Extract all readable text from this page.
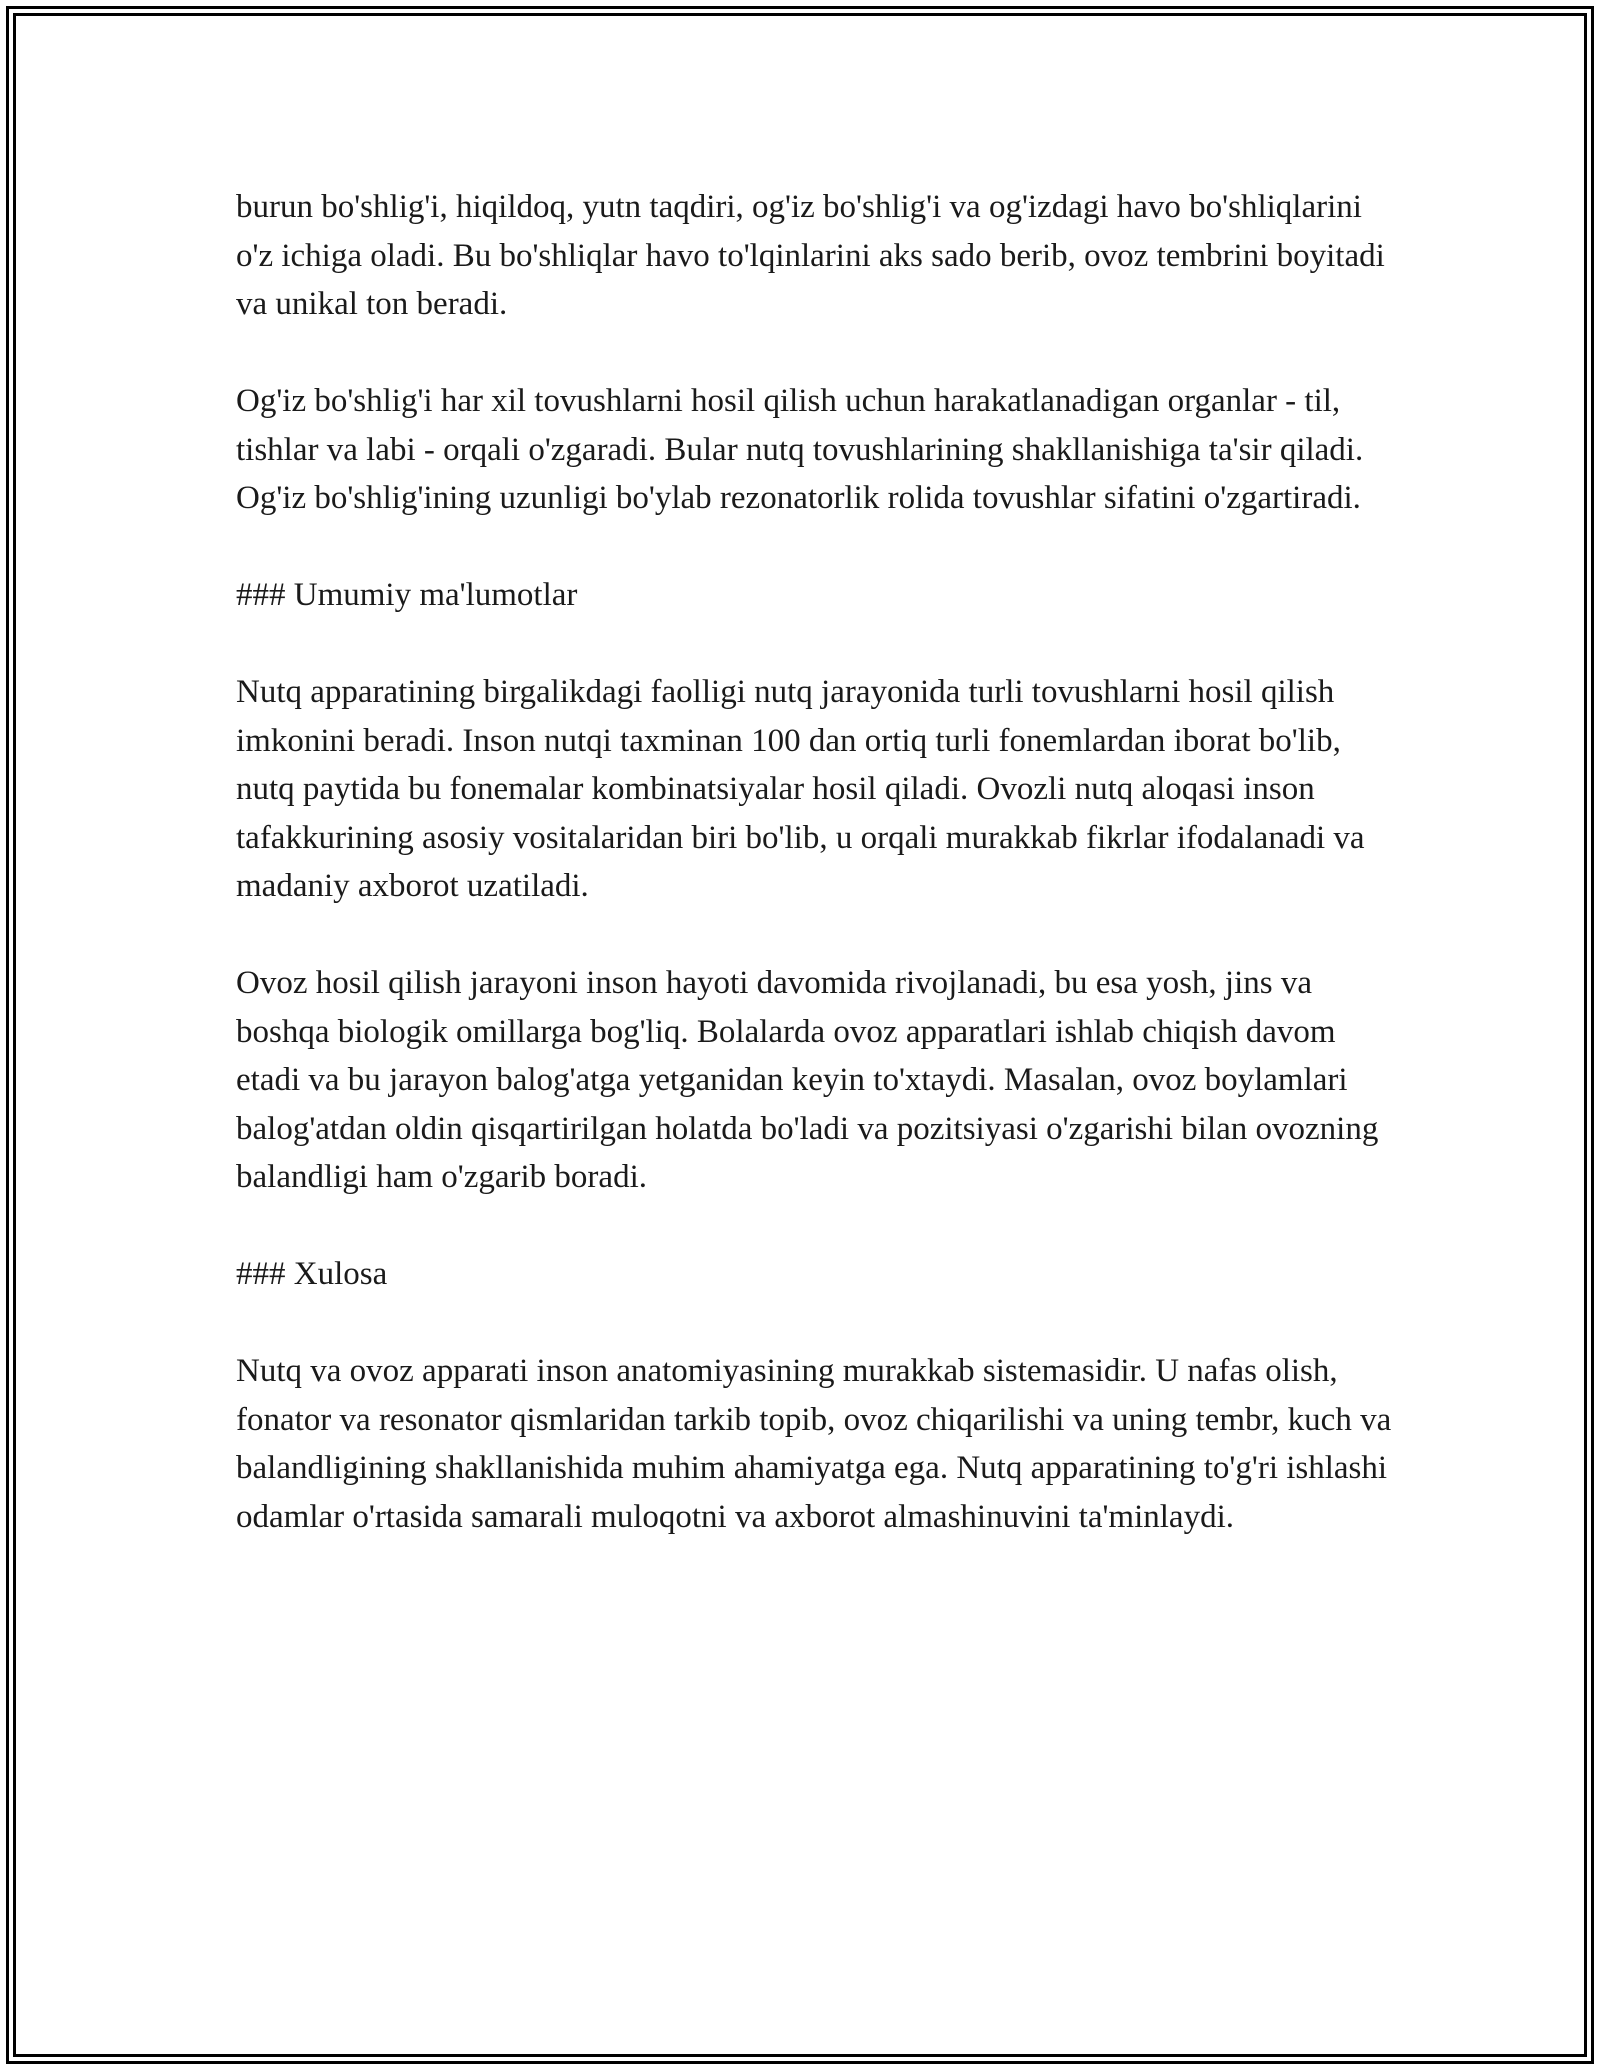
burun bo'shlig'i, hiqildoq, yutn taqdiri, og'iz bo'shlig'i va og'izdagi havo bo'shliqlarini o'z ichiga oladi. Bu bo'shliqlar havo to'lqinlarini aks sado berib, ovoz tembrini boyitadi va unikal ton beradi.

Og'iz bo'shlig'i har xil tovushlarni hosil qilish uchun harakatlanadigan organlar - til, tishlar va labi - orqali o'zgaradi. Bular nutq tovushlarining shakllanishiga ta'sir qiladi. Og'iz bo'shlig'ining uzunligi bo'ylab rezonatorlik rolida tovushlar sifatini o'zgartiradi.

### Umumiy ma'lumotlar

Nutq apparatining birgalikdagi faolligi nutq jarayonida turli tovushlarni hosil qilish imkonini beradi. Inson nutqi taxminan 100 dan ortiq turli fonemlardan iborat bo'lib, nutq paytida bu fonemalar kombinatsiyalar hosil qiladi. Ovozli nutq aloqasi inson tafakkurining asosiy vositalaridan biri bo'lib, u orqali murakkab fikrlar ifodalanadi va madaniy axborot uzatiladi.

Ovoz hosil qilish jarayoni inson hayoti davomida rivojlanadi, bu esa yosh, jins va boshqa biologik omillarga bog'liq. Bolalarda ovoz apparatlari ishlab chiqish davom etadi va bu jarayon balog'atga yetganidan keyin to'xtaydi. Masalan, ovoz boylamlari balog'atdan oldin qisqartirilgan holatda bo'ladi va pozitsiyasi o'zgarishi bilan ovozning balandligi ham o'zgarib boradi.

### Xulosa

Nutq va ovoz apparati inson anatomiyasining murakkab sistemasidir. U nafas olish, fonator va resonator qismlaridan tarkib topib, ovoz chiqarilishi va uning tembr, kuch va balandligining shakllanishida muhim ahamiyatga ega. Nutq apparatining to'g'ri ishlashi odamlar o'rtasida samarali muloqotni va axborot almashinuvini ta'minlaydi.
